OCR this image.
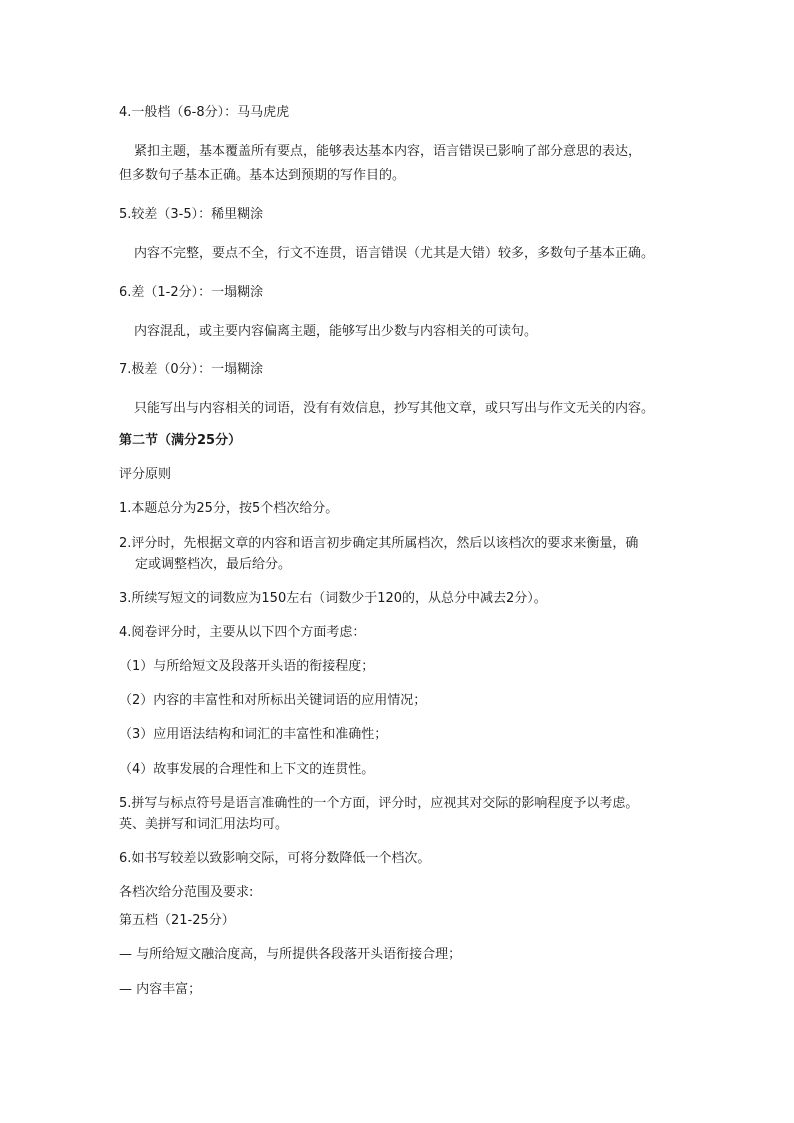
4.一般档（6-8分）：马马虎虎
紧扣主题，基本覆盖所有要点，能够表达基本内容，语言错误已影响了部分意思的表达，
但多数句子基本正确。基本达到预期的写作目的。
5.较差（3-5）：稀里糊涂
内容不完整，要点不全，行文不连贯，语言错误（尤其是大错）较多，多数句子基本正确。
6.差（1-2分）：一塌糊涂
内容混乱，或主要内容偏离主题，能够写出少数与内容相关的可读句。
7.极差（0分）：一塌糊涂
只能写出与内容相关的词语，没有有效信息，抄写其他文章，或只写出与作文无关的内容。
第二节（满分25分）
评分原则
1.本题总分为25分，按5个档次给分。
2.评分时，先根据文章的内容和语言初步确定其所属档次，然后以该档次的要求来衡量，确
定或调整档次，最后给分。
3.所续写短文的词数应为150左右（词数少于120的，从总分中减去2分）。
4.阅卷评分时，主要从以下四个方面考虑：
（1）与所给短文及段落开头语的衔接程度；
（2）内容的丰富性和对所标出关键词语的应用情况；
（3）应用语法结构和词汇的丰富性和准确性；
（4）故事发展的合理性和上下文的连贯性。
5.拼写与标点符号是语言准确性的一个方面，评分时，应视其对交际的影响程度予以考虑。
英、美拼写和词汇用法均可。
6.如书写较差以致影响交际，可将分数降低一个档次。
各档次给分范围及要求:
第五档（21-25分）
— 与所给短文融洽度高，与所提供各段落开头语衔接合理；
— 内容丰富；
